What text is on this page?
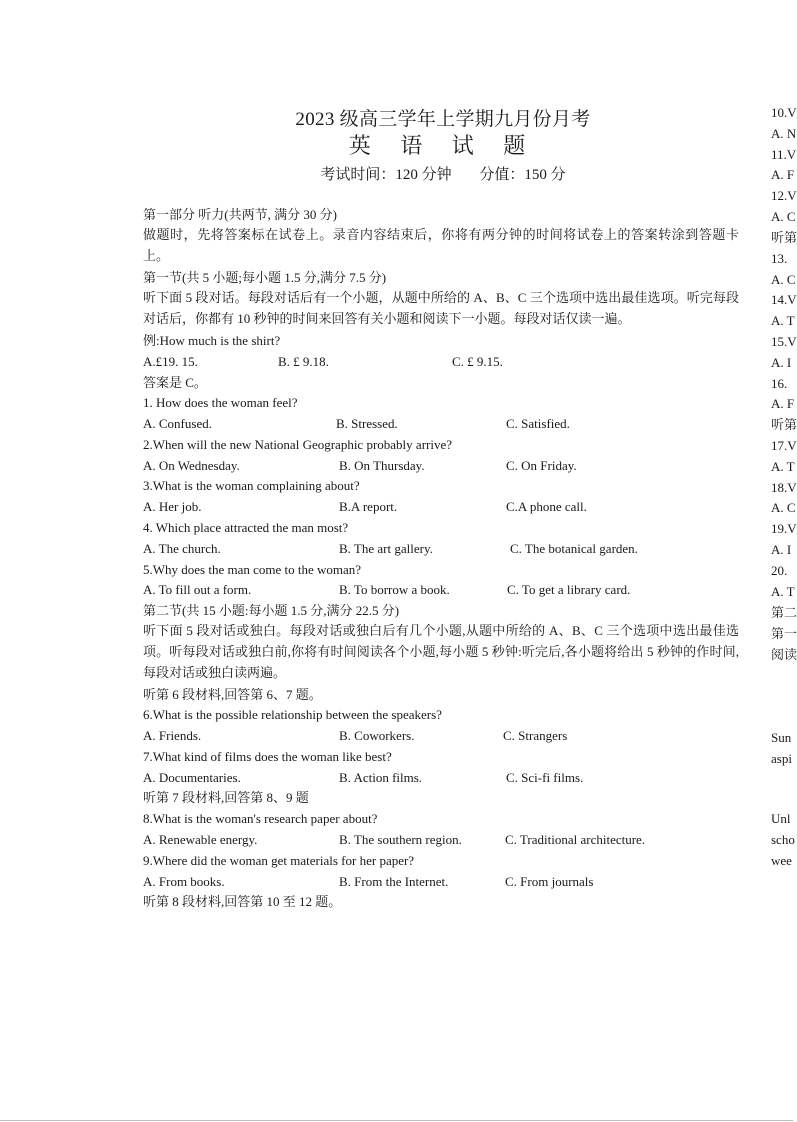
2023 级高三学年上学期九月份月考
英 语 试 题
考试时间：120 分钟 分值：150 分
第一部分 听力(共两节, 满分 30 分)
做题时，先将答案标在试卷上。录音内容结束后，你将有两分钟的时间将试卷上的答案转涂到答题卡上。
第一节(共 5 小题;每小题 1.5 分,满分 7.5 分)
听下面 5 段对话。每段对话后有一个小题，从题中所给的 A、B、C 三个选项中选出最佳选项。听完每段对话后，你都有 10 秒钟的时间来回答有关小题和阅读下一小题。每段对话仅读一遍。
例:How much is the shirt?
A.£19. 15.	B. £ 9.18.	C. £ 9.15.
答案是 C。
1. How does the woman feel?
A. Confused.	B. Stressed.	C. Satisfied.
2.When will the new National Geographic probably arrive?
A. On Wednesday.	B. On Thursday.	C. On Friday.
3.What is the woman complaining about?
A. Her job.	B.A report.	C.A phone call.
4. Which place attracted the man most?
A. The church.	B. The art gallery.	C. The botanical garden.
5.Why does the man come to the woman?
A. To fill out a form.	B. To borrow a book.	C. To get a library card.
第二节(共 15 小题:每小题 1.5 分,满分 22.5 分)
听下面 5 段对话或独白。每段对话或独白后有几个小题,从题中所给的 A、B、C 三个选项中选出最佳选项。听每段对话或独白前,你将有时间阅读各个小题,每小题 5 秒钟:听完后,各小题将给出 5 秒钟的作时间,每段对话或独白读两遍。
听第 6 段材料,回答第 6、7 题。
6.What is the possible relationship between the speakers?
A. Friends.	B. Coworkers.	C. Strangers
7.What kind of films does the woman like best?
A. Documentaries.	B. Action films.	C. Sci-fi films.
听第 7 段材料,回答第 8、9 题
8.What is the woman's research paper about?
A. Renewable energy.	B. The southern region.	C. Traditional architecture.
9.Where did the woman get materials for her paper?
A. From books.	B. From the Internet.	C. From journals
听第 8 段材料,回答第 10 至 12 题。
10.V
A. N
11.V
A. F
12.V
A. C
听第
13.
A. C
14.V
A. T
15.V
A. I
16.
A. F
听第
17.V
A. T
18.V
A. C
19.V
A. I
20.
A. T
第二
第一
阅读
Sun
aspi
Unl
scho
wee
